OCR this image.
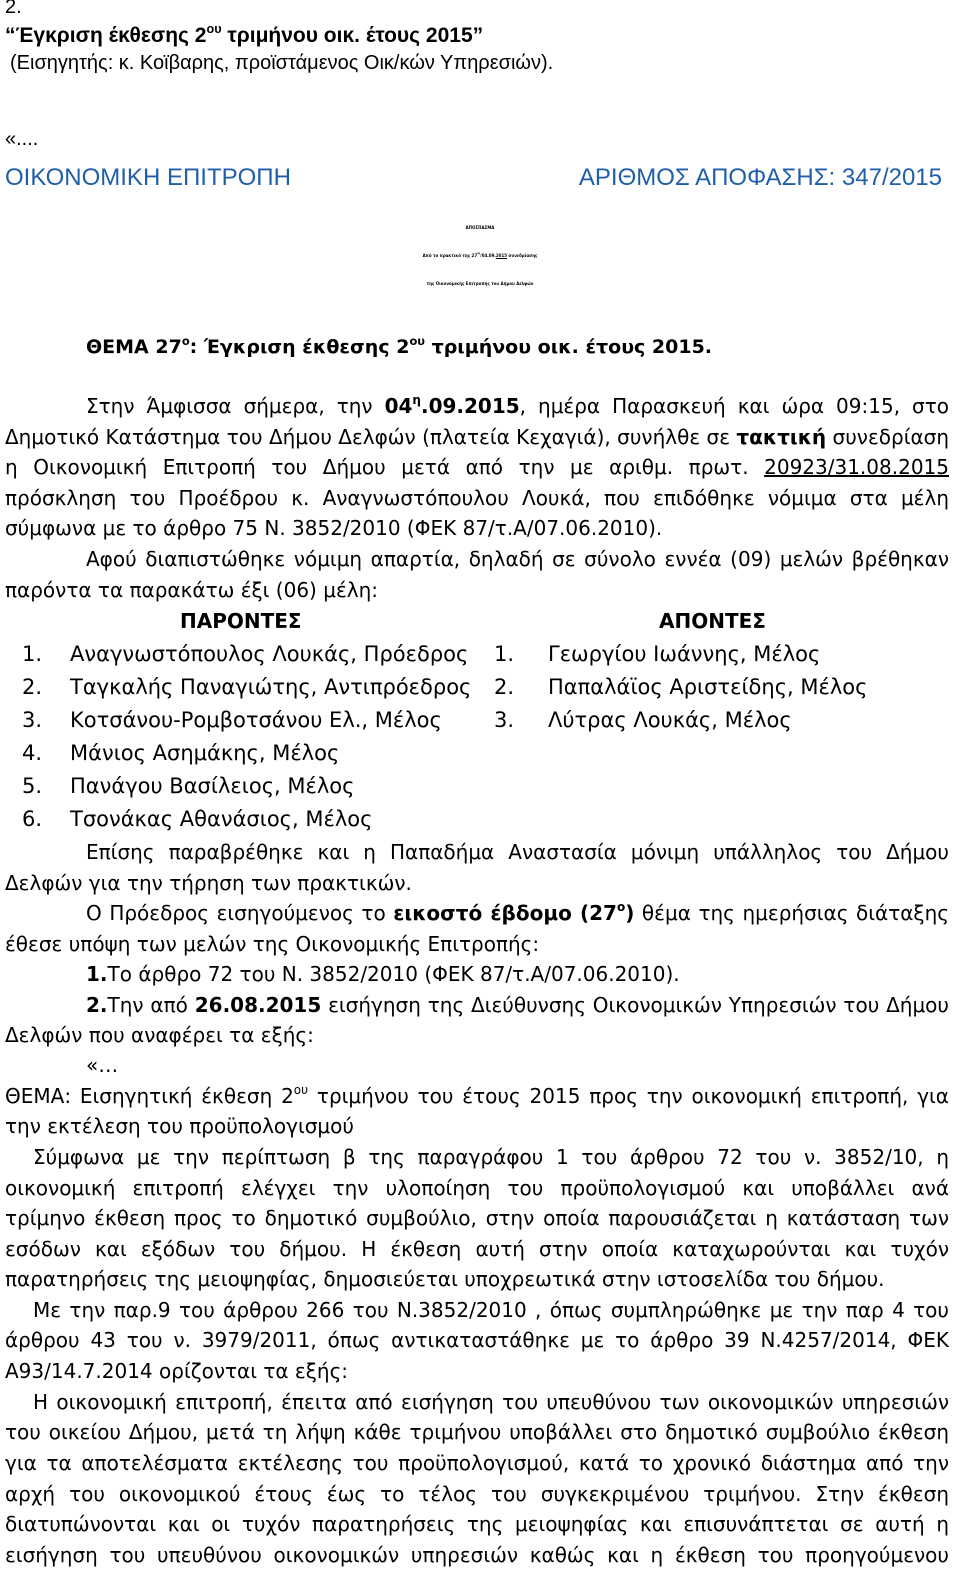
2.
“Έγκριση έκθεσης $2^{o\upsilon}$ τριμήνου οικ. έτους 2015”
(Εισηγητής: κ. Κοϊβαρης, προϊστάμενος Οικ/κών Υπηρεσιών).
«....
ΟΙΚΟΝΟΜΙΚΗ ΕΠΙΤΡΟΠΗ	ΑΡΙΘΜΟΣ ΑΠΟΦΑΣΗΣ: 347/2015
ΑΠΟΣΠΑΣΜΑ
Από το πρακτικό της $27^{\eta\varsigma}/04.09.2015$ συνεδρίασης
της Οικονομικής Επιτροπής του Δήμου Δελφών
ΘΕΜΑ $27^o$: Έγκριση έκθεσης $2^{o\upsilon}$ τριμήνου οικ. έτους 2015.
Στην Άμφισσα σήμερα, την $04^\eta.09.2015$, ημέρα Παρασκευή και ώρα 09:15, στο
Δημοτικό Κατάστημα του Δήμου Δελφών (πλατεία Κεχαγιά), συνήλθε σε τακτική συνεδρίαση
η Οικονομική Επιτροπή του Δήμου μετά από την με αριθμ. πρωτ. 20923/31.08.2015
πρόσκληση του Προέδρου κ. Αναγνωστόπουλου Λουκά, που επιδόθηκε νόμιμα στα μέλη
σύμφωνα με το άρθρο 75 Ν. 3852/2010 (ΦΕΚ 87/τ.Α/07.06.2010).
Αφού διαπιστώθηκε νόμιμη απαρτία, δηλαδή σε σύνολο εννέα (09) μελών βρέθηκαν
παρόντα τα παρακάτω έξι (06) μέλη:
ΠΑΡΟΝΤΕΣ	ΑΠΟΝΤΕΣ
1. Αναγνωστόπουλος Λουκάς, Πρόεδρος
2. Ταγκαλής Παναγιώτης, Αντιπρόεδρος
3. Κοτσάνου-Ρομβοτσάνου Ελ., Μέλος
4. Μάνιος Ασημάκης, Μέλος
5. Πανάγου Βασίλειος, Μέλος
6. Τσονάκας Αθανάσιος, Μέλος
1. Γεωργίου Ιωάννης, Μέλος
2. Παπαλάϊος Αριστείδης, Μέλος
3. Λύτρας Λουκάς, Μέλος
Επίσης παραβρέθηκε και η Παπαδήμα Αναστασία μόνιμη υπάλληλος του Δήμου
Δελφών για την τήρηση των πρακτικών.
Ο Πρόεδρος εισηγούμενος το εικοστό έβδομο $(27^o)$ θέμα της ημερήσιας διάταξης
έθεσε υπόψη των μελών της Οικονομικής Επιτροπής:
1.Το άρθρο 72 του Ν. 3852/2010 (ΦΕΚ 87/τ.Α/07.06.2010).
2.Την από 26.08.2015 εισήγηση της Διεύθυνσης Οικονομικών Υπηρεσιών του Δήμου
Δελφών που αναφέρει τα εξής:
«…
ΘΕΜΑ: Εισηγητική έκθεση $2^{o\upsilon}$ τριμήνου του έτους 2015 προς την οικονομική επιτροπή, για
την εκτέλεση του προϋπολογισμού
Σύμφωνα με την περίπτωση β της παραγράφου 1 του άρθρου 72 του ν. 3852/10, η
οικονομική επιτροπή ελέγχει την υλοποίηση του προϋπολογισμού και υποβάλλει ανά
τρίμηνο έκθεση προς το δημοτικό συμβούλιο, στην οποία παρουσιάζεται η κατάσταση των
εσόδων και εξόδων του δήμου. Η έκθεση αυτή στην οποία καταχωρούνται και τυχόν
παρατηρήσεις της μειοψηφίας, δημοσιεύεται υποχρεωτικά στην ιστοσελίδα του δήμου.
Με την παρ.9 του άρθρου 266 του Ν.3852/2010 , όπως συμπληρώθηκε με την παρ 4 του
άρθρου 43 του ν. 3979/2011, όπως αντικαταστάθηκε με το άρθρο 39 Ν.4257/2014, ΦΕΚ
Α93/14.7.2014 ορίζονται τα εξής:
Η οικονομική επιτροπή, έπειτα από εισήγηση του υπευθύνου των οικονομικών υπηρεσιών
του οικείου Δήμου, μετά τη λήψη κάθε τριμήνου υποβάλλει στο δημοτικό συμβούλιο έκθεση
για τα αποτελέσματα εκτέλεσης του προϋπολογισμού, κατά το χρονικό διάστημα από την
αρχή του οικονομικού έτους έως το τέλος του συγκεκριμένου τριμήνου. Στην έκθεση
διατυπώνονται και οι τυχόν παρατηρήσεις της μειοψηφίας και επισυνάπτεται σε αυτή η
εισήγηση του υπευθύνου οικονομικών υπηρεσιών καθώς και η έκθεση του προηγούμενου
